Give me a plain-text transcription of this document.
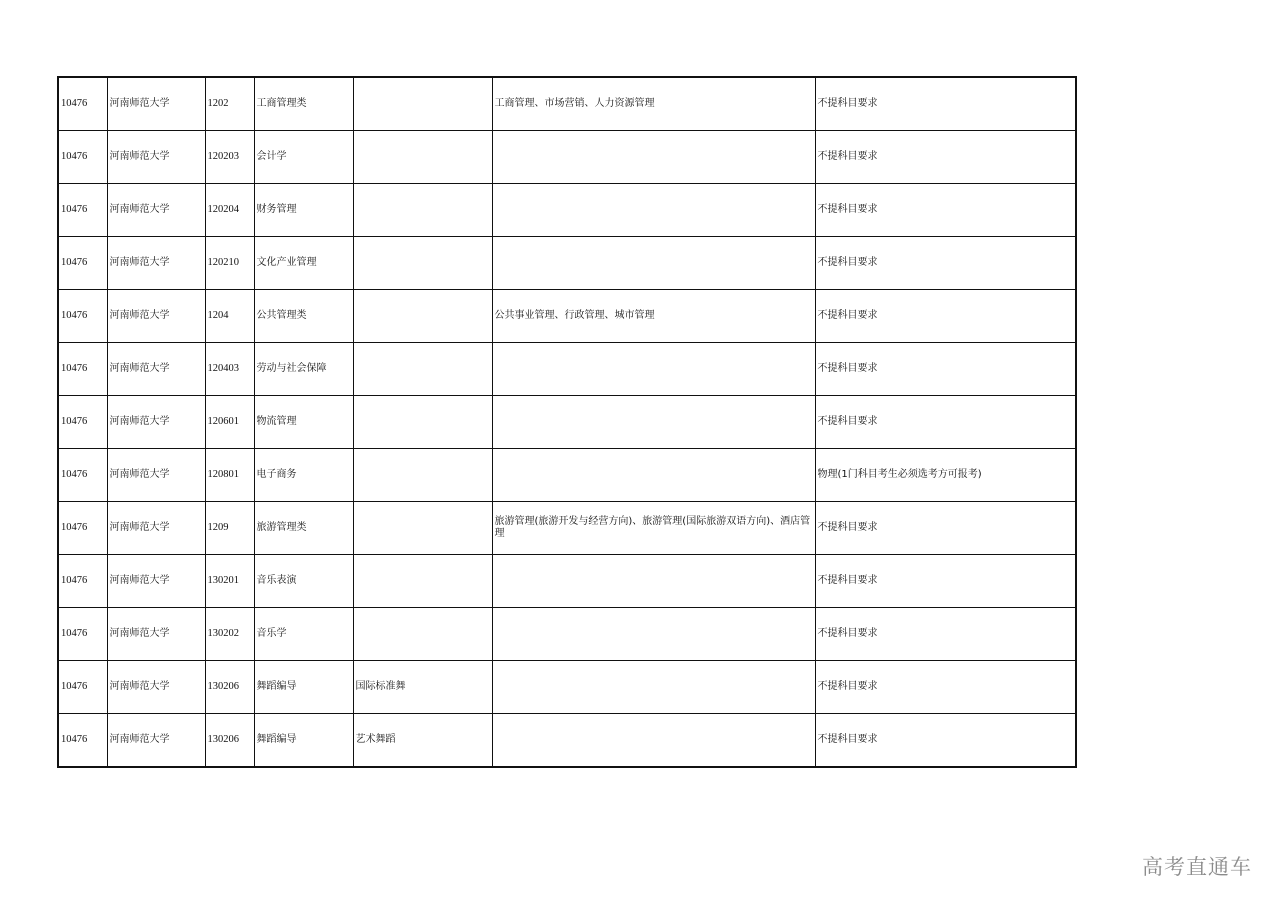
10476	河南师范大学	1202	工商管理类		工商管理、市场营销、人力资源管理	不提科目要求
10476	河南师范大学	120203	会计学			不提科目要求
10476	河南师范大学	120204	财务管理			不提科目要求
10476	河南师范大学	120210	文化产业管理			不提科目要求
10476	河南师范大学	1204	公共管理类		公共事业管理、行政管理、城市管理	不提科目要求
10476	河南师范大学	120403	劳动与社会保障			不提科目要求
10476	河南师范大学	120601	物流管理			不提科目要求
10476	河南师范大学	120801	电子商务			物理(1门科目考生必须选考方可报考)
10476	河南师范大学	1209	旅游管理类		旅游管理(旅游开发与经营方向)、旅游管理(国际旅游双语方向)、酒店管理	不提科目要求
10476	河南师范大学	130201	音乐表演			不提科目要求
10476	河南师范大学	130202	音乐学			不提科目要求
10476	河南师范大学	130206	舞蹈编导	国际标准舞		不提科目要求
10476	河南师范大学	130206	舞蹈编导	艺术舞蹈		不提科目要求
高考直通车
